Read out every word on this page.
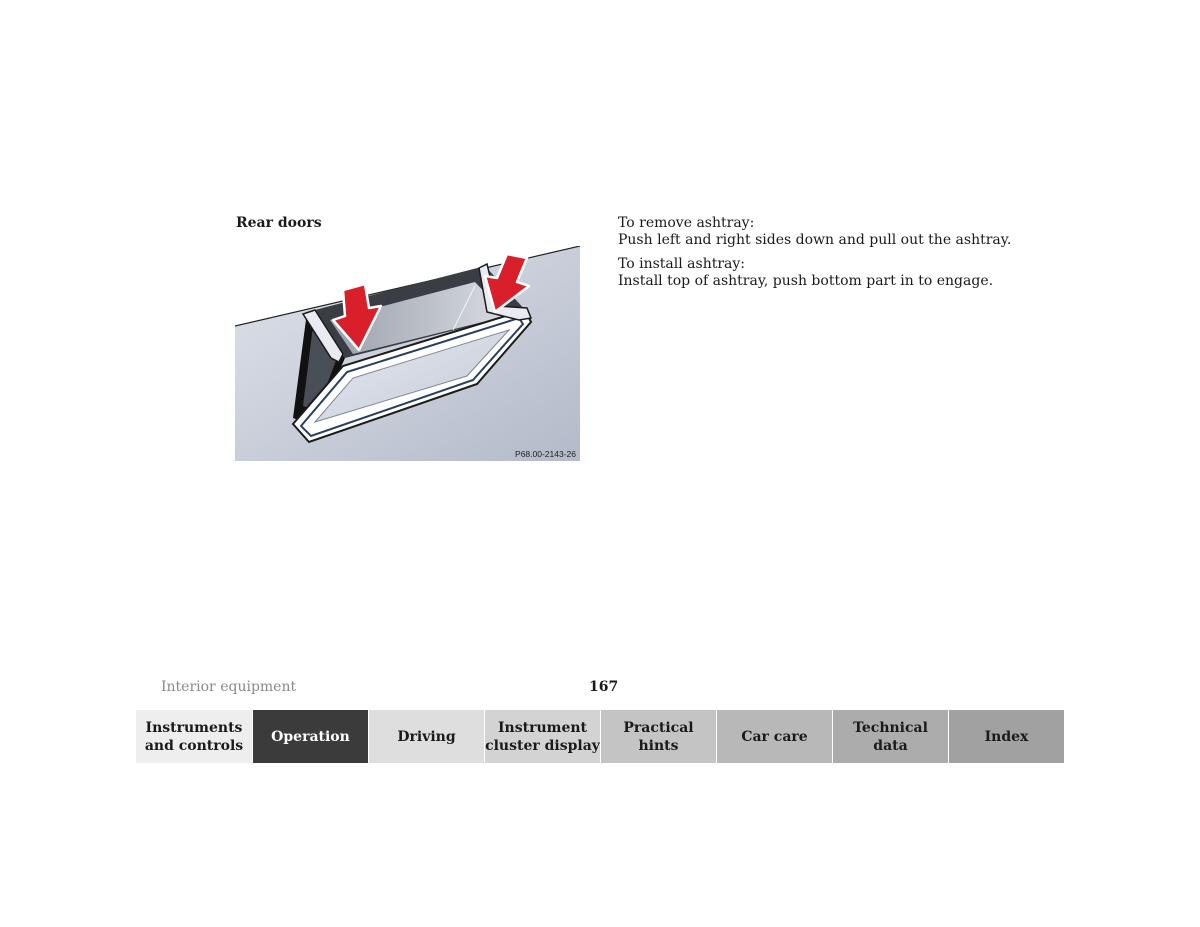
Rear doors
P68.00-2143-26

To remove ashtray:
Push left and right sides down and pull out the ashtray.

To install ashtray:
Install top of ashtray, push bottom part in to engage.

Interior equipment	167
Instruments
and controls
Operation	Driving
Instrument
cluster display
Practical hints
Car care
Technical
data
Index
